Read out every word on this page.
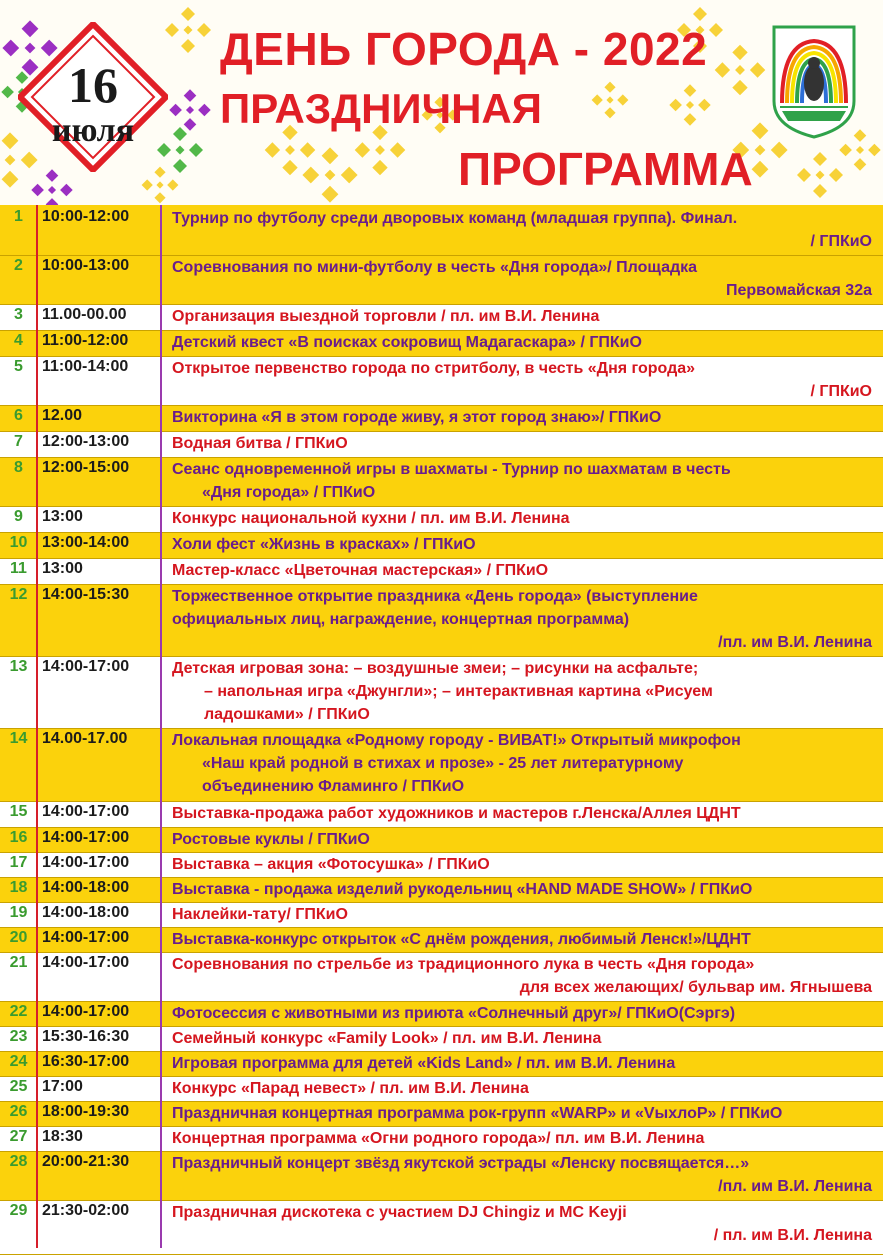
16
июля
ДЕНЬ ГОРОДА - 2022
ПРАЗДНИЧНАЯ
ПРОГРАММА
1	10:00-12:00	Турнир по футболу среди дворовых команд (младшая группа). Финал.
/ ГПКиО
2	10:00-13:00	Соревнования по мини-футболу в честь «Дня города»/ Площадка
Первомайская 32а
3	11.00-00.00	Организация выездной торговли / пл. им В.И. Ленина
4	11:00-12:00	Детский квест «В поисках сокровищ Мадагаскара» / ГПКиО
5	11:00-14:00	Открытое первенство города по стритболу, в честь «Дня города»
/ ГПКиО
6	12.00	Викторина «Я в этом городе живу, я этот город знаю»/ ГПКиО
7	12:00-13:00	Водная битва / ГПКиО
8	12:00-15:00	Сеанс одновременной игры в шахматы - Турнир по шахматам в честь
«Дня города» / ГПКиО
9	13:00	Конкурс национальной кухни / пл. им В.И. Ленина
10 13:00-14:00	Холи фест «Жизнь в красках» / ГПКиО
11 13:00	Мастер-класс «Цветочная мастерская» / ГПКиО
12 14:00-15:30	Торжественное открытие праздника «День города» (выступление
официальных лиц, награждение, концертная программа)
/пл. им В.И. Ленина
13 14:00-17:00	Детская игровая зона: – воздушные змеи; – рисунки на асфальте;
– напольная игра «Джунгли»; – интерактивная картина «Рисуем
ладошками» / ГПКиО
14 14.00-17.00	Локальная площадка «Родному городу - ВИВАТ!» Открытый микрофон
«Наш край родной в стихах и прозе» - 25 лет литературному
объединению Фламинго / ГПКиО
15 14:00-17:00	Выставка-продажа работ художников и мастеров г.Ленска/Аллея ЦДНТ
16 14:00-17:00	Ростовые куклы / ГПКиО
17 14:00-17:00	Выставка – акция «Фотосушка» / ГПКиО
18 14:00-18:00	Выставка - продажа изделий рукодельниц «HAND MADE SHOW» / ГПКиО
19 14:00-18:00	Наклейки-тату/ ГПКиО
20 14:00-17:00	Выставка-конкурс открыток «С днём рождения, любимый Ленск!»/ЦДНТ
21 14:00-17:00	Соревнования по стрельбе из традиционного лука в честь «Дня города»
для всех желающих/ бульвар им. Ягнышева
22 14:00-17:00	Фотосессия с животными из приюта «Солнечный друг»/ ГПКиО(Сэргэ)
23 15:30-16:30	Семейный конкурс «Family Look» / пл. им В.И. Ленина
24 16:30-17:00	Игровая программа для детей «Kids Land» / пл. им В.И. Ленина
25 17:00	Конкурс «Парад невест» / пл. им В.И. Ленина
26 18:00-19:30	Праздничная концертная программа рок-групп «WARP» и «VыхлоР» / ГПКиО
27 18:30	Концертная программа «Огни родного города»/ пл. им В.И. Ленина
28 20:00-21:30	Праздничный концерт звёзд якутской эстрады «Ленску посвящается…»
/пл. им В.И. Ленина
29 21:30-02:00	Праздничная дискотека с участием DJ Chingiz и MC Keyji
/ пл. им В.И. Ленина
